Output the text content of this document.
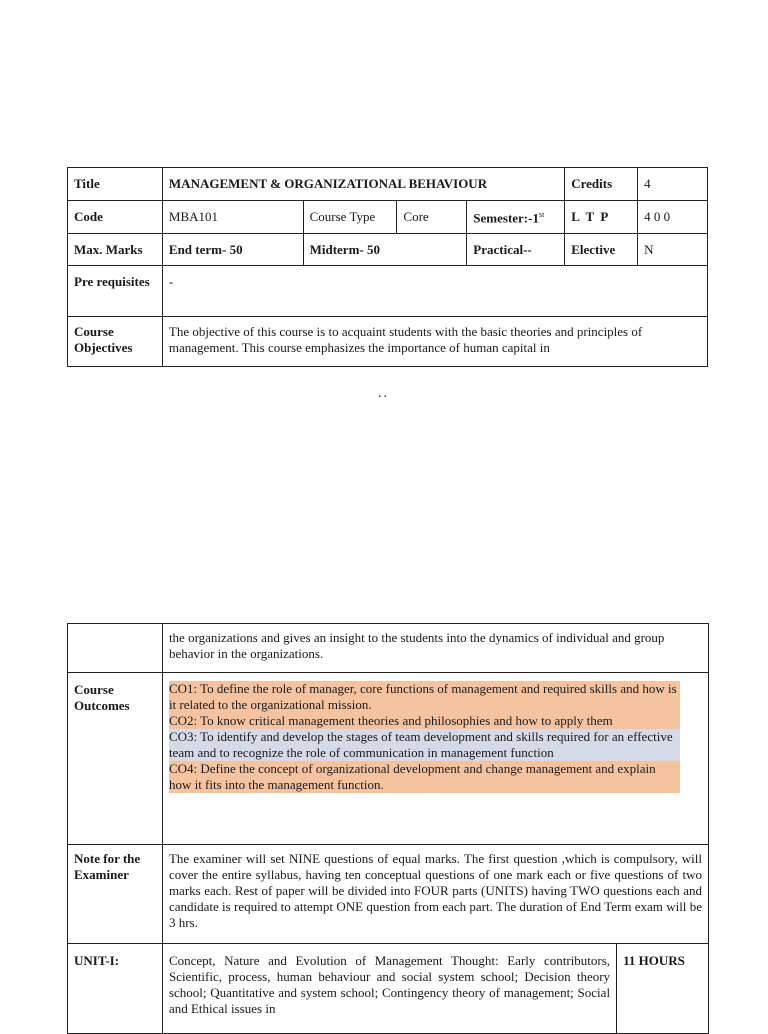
Title	MANAGEMENT & ORGANIZATIONAL BEHAVIOUR				Credits	4
Code	MBA101	Course Type	Core	Semester:-1st	L  T  P	4 0 0
Max. Marks	End term- 50	Midterm- 50		Practical--	Elective	N
Pre requisites	-					
Course Objectives	The objective of this course is to acquaint students with the basic theories and principles of management. This course emphasizes the importance of human capital in					
..
	the organizations and gives an insight to the students into the dynamics of individual and group behavior in the organizations.	
Course Outcomes	CO1: To define the role of manager, core functions of management and required skills and how is it related to the organizational mission.
CO2: To know critical management theories and philosophies and how to apply them
CO3: To identify and develop the stages of team development and skills required for an effective team and to recognize the role of communication in management function
CO4: Define the concept of organizational development and change management and explain how it fits into the management function.	

Note for the Examiner	The examiner will set NINE questions of equal marks. The first question ,which is compulsory, will cover the entire syllabus, having ten conceptual questions of one mark each or five questions of two marks each. Rest of paper will be divided into FOUR parts (UNITS) having TWO questions each and candidate is required to attempt ONE question from each part. The duration of End Term exam will be 3 hrs.	
UNIT-I:	Concept, Nature and Evolution of Management Thought: Early contributors, Scientific, process, human behaviour and social system school; Decision theory school; Quantitative and system school; Contingency theory of management; Social and Ethical issues in	11 HOURS
